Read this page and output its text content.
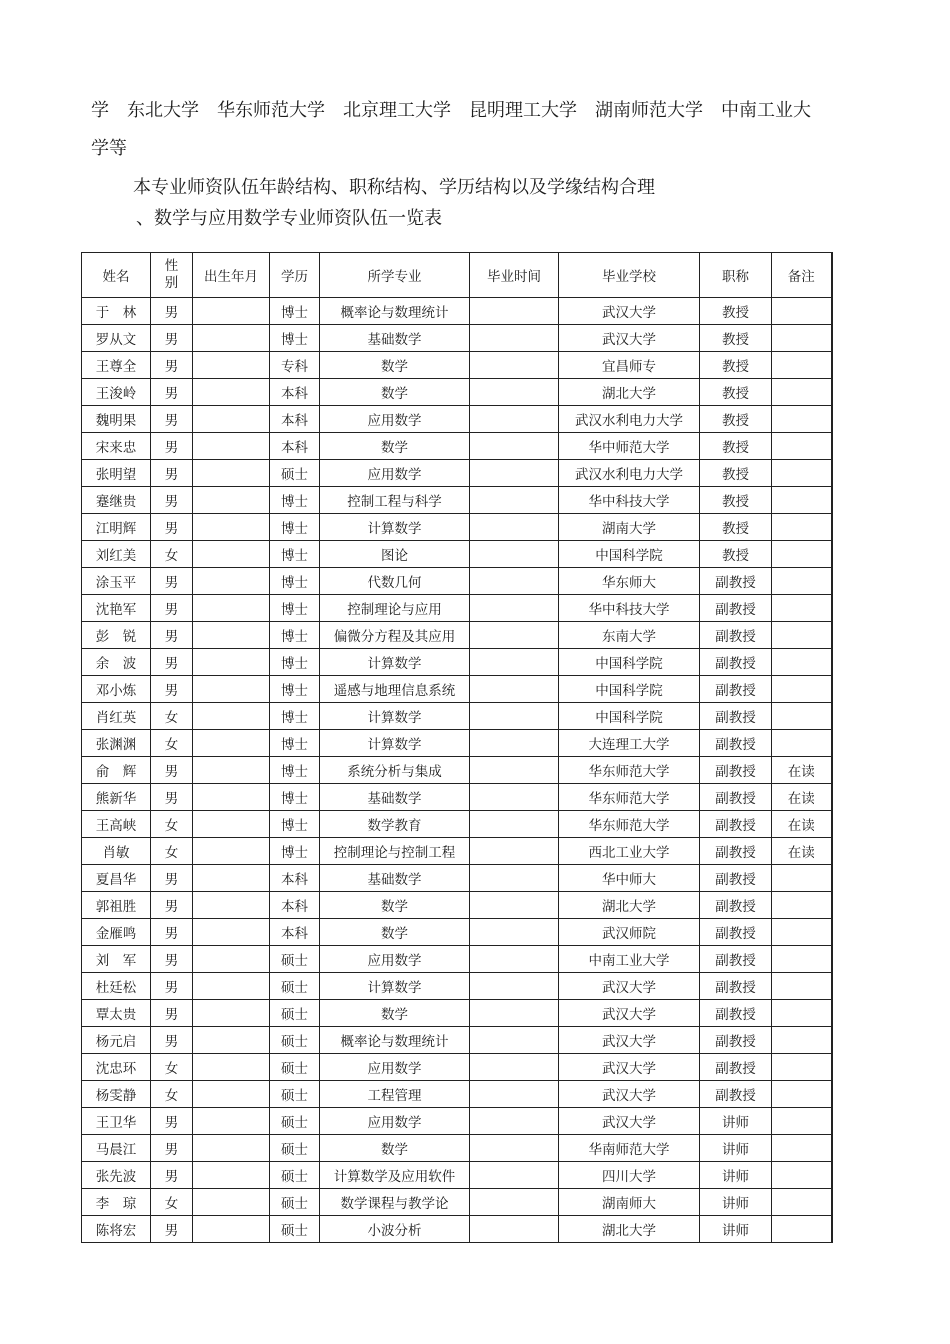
学　东北大学　华东师范大学　北京理工大学　昆明理工大学　湖南师范大学　中南工业大
学等
本专业师资队伍年龄结构、职称结构、学历结构以及学缘结构合理
、数学与应用数学专业师资队伍一览表
姓名	性别	出生年月	学历	所学专业	毕业时间	毕业学校	职称	备注
于　林	男		博士	概率论与数理统计		武汉大学	教授	
罗从文	男		博士	基础数学		武汉大学	教授	
王尊全	男		专科	数学		宜昌师专	教授	
王浚岭	男		本科	数学		湖北大学	教授	
魏明果	男		本科	应用数学		武汉水利电力大学	教授	
宋来忠	男		本科	数学		华中师范大学	教授	
张明望	男		硕士	应用数学		武汉水利电力大学	教授	
蹇继贵	男		博士	控制工程与科学		华中科技大学	教授	
江明辉	男		博士	计算数学		湖南大学	教授	
刘红美	女		博士	图论		中国科学院	教授	
涂玉平	男		博士	代数几何		华东师大	副教授	
沈艳军	男		博士	控制理论与应用		华中科技大学	副教授	
彭　锐	男		博士	偏微分方程及其应用		东南大学	副教授	
余　波	男		博士	计算数学		中国科学院	副教授	
邓小炼	男		博士	遥感与地理信息系统		中国科学院	副教授	
肖红英	女		博士	计算数学		中国科学院	副教授	
张渊渊	女		博士	计算数学		大连理工大学	副教授	
俞　辉	男		博士	系统分析与集成		华东师范大学	副教授	在读
熊新华	男		博士	基础数学		华东师范大学	副教授	在读
王高峡	女		博士	数学教育		华东师范大学	副教授	在读
肖敏	女		博士	控制理论与控制工程		西北工业大学	副教授	在读
夏昌华	男		本科	基础数学		华中师大	副教授	
郭祖胜	男		本科	数学		湖北大学	副教授	
金雁鸣	男		本科	数学		武汉师院	副教授	
刘　军	男		硕士	应用数学		中南工业大学	副教授	
杜廷松	男		硕士	计算数学		武汉大学	副教授	
覃太贵	男		硕士	数学		武汉大学	副教授	
杨元启	男		硕士	概率论与数理统计		武汉大学	副教授	
沈忠环	女		硕士	应用数学		武汉大学	副教授	
杨雯静	女		硕士	工程管理		武汉大学	副教授	
王卫华	男		硕士	应用数学		武汉大学	讲师	
马晨江	男		硕士	数学		华南师范大学	讲师	
张先波	男		硕士	计算数学及应用软件		四川大学	讲师	
李　琼	女		硕士	数学课程与教学论		湖南师大	讲师	
陈将宏	男		硕士	小波分析		湖北大学	讲师	
